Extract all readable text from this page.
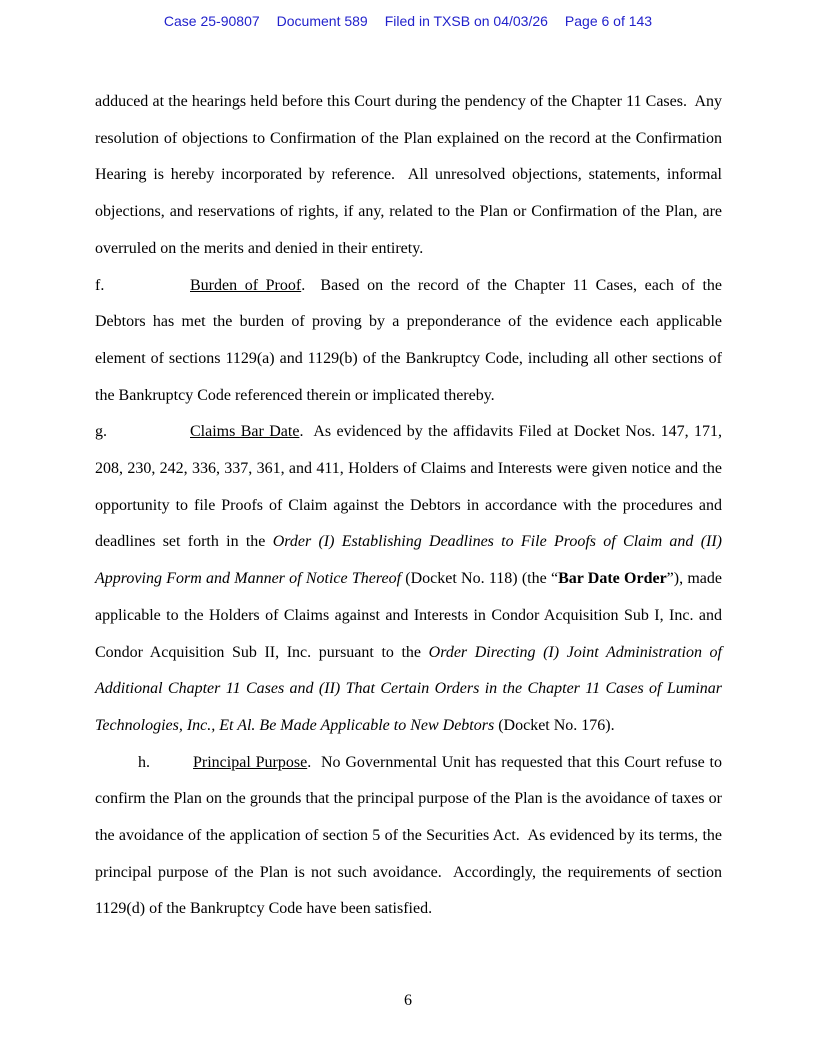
Case 25-90807 Document 589 Filed in TXSB on 04/03/26 Page 6 of 143

adduced at the hearings held before this Court during the pendency of the Chapter 11 Cases.  Any resolution of objections to Confirmation of the Plan explained on the record at the Confirmation Hearing is hereby incorporated by reference.  All unresolved objections, statements, informal objections, and reservations of rights, if any, related to the Plan or Confirmation of the Plan, are overruled on the merits and denied in their entirety.

f.	Burden of Proof.  Based on the record of the Chapter 11 Cases, each of the Debtors has met the burden of proving by a preponderance of the evidence each applicable element of sections 1129(a) and 1129(b) of the Bankruptcy Code, including all other sections of the Bankruptcy Code referenced therein or implicated thereby.

g.	Claims Bar Date.  As evidenced by the affidavits Filed at Docket Nos. 147, 171, 208, 230, 242, 336, 337, 361, and 411, Holders of Claims and Interests were given notice and the opportunity to file Proofs of Claim against the Debtors in accordance with the procedures and deadlines set forth in the Order (I) Establishing Deadlines to File Proofs of Claim and (II) Approving Form and Manner of Notice Thereof (Docket No. 118) (the “Bar Date Order”), made applicable to the Holders of Claims against and Interests in Condor Acquisition Sub I, Inc. and Condor Acquisition Sub II, Inc. pursuant to the Order Directing (I) Joint Administration of Additional Chapter 11 Cases and (II) That Certain Orders in the Chapter 11 Cases of Luminar Technologies, Inc., Et Al. Be Made Applicable to New Debtors (Docket No. 176).

h.	Principal Purpose.  No Governmental Unit has requested that this Court refuse to confirm the Plan on the grounds that the principal purpose of the Plan is the avoidance of taxes or the avoidance of the application of section 5 of the Securities Act.  As evidenced by its terms, the principal purpose of the Plan is not such avoidance.  Accordingly, the requirements of section 1129(d) of the Bankruptcy Code have been satisfied.

6
